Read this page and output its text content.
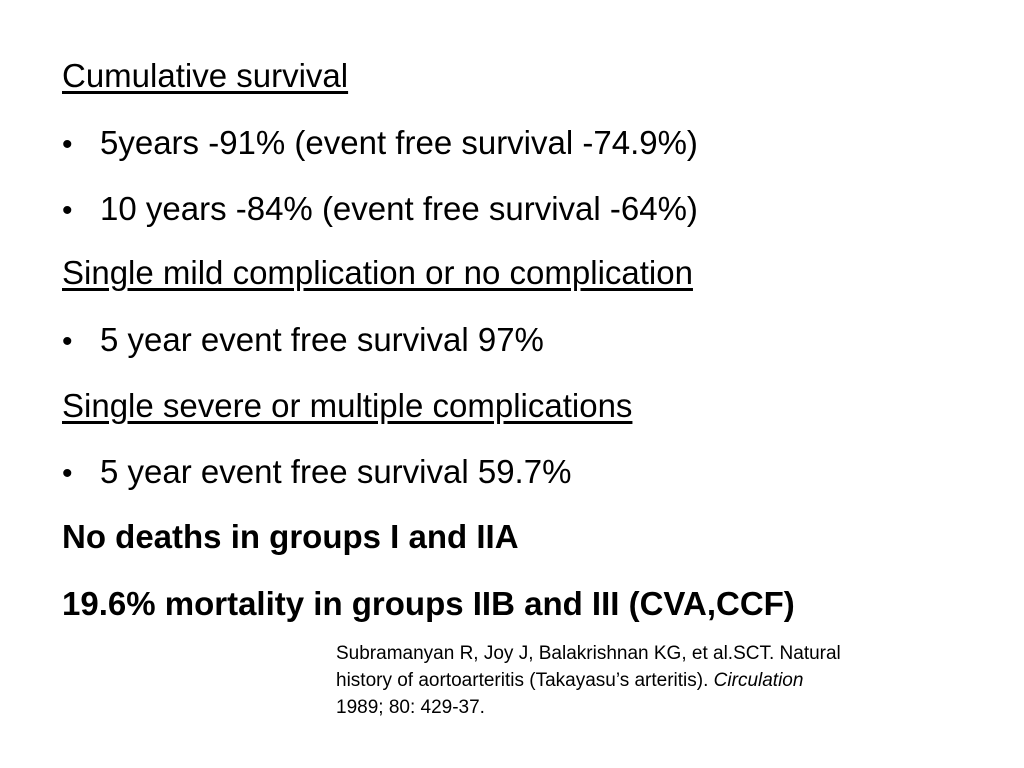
Cumulative survival
• 5years -91% (event free survival -74.9%)
• 10 years -84% (event free survival -64%)
Single mild complication or no complication
• 5 year event free survival 97%
Single severe or multiple complications
• 5 year event free survival 59.7%
No deaths in groups I and IIA
19.6% mortality in groups IIB and III (CVA,CCF)
Subramanyan R, Joy J, Balakrishnan KG, et al.SCT. Natural
history of aortoarteritis (Takayasu’s arteritis). Circulation
1989; 80: 429-37.
